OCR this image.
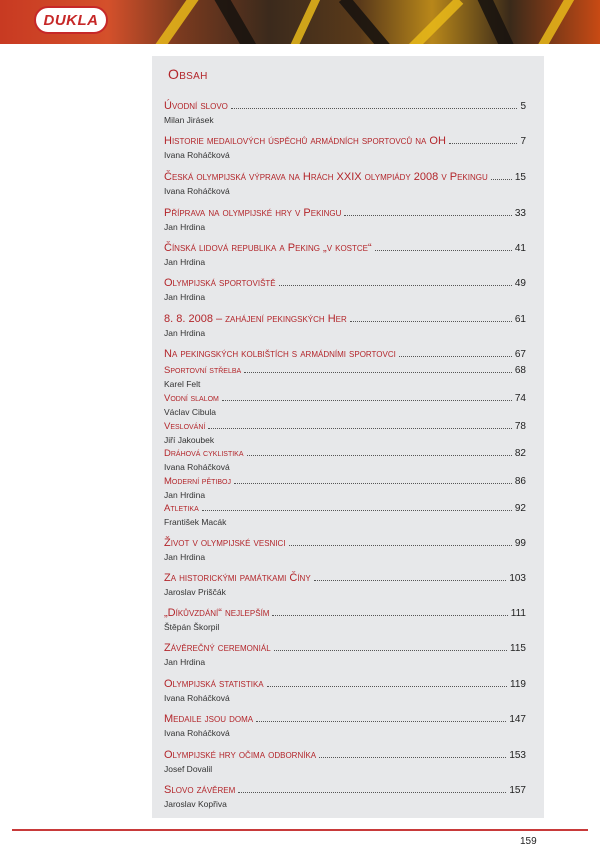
DUKLA
Obsah
Úvodní slovo	5
Milan Jirásek
Historie medailových úspěchů armádních sportovců na OH	7
Ivana Roháčková
Česká olympijská výprava na Hrách XXIX olympiády 2008 v Pekingu	15
Ivana Roháčková
Příprava na olympijské hry v Pekingu	33
Jan Hrdina
Čínská lidová republika a Peking „v kostce“	41
Jan Hrdina
Olympijská sportoviště	49
Jan Hrdina
8. 8. 2008 – zahájení pekingských Her	61
Jan Hrdina
Na pekingských kolbištích s armádními sportovci	67
Sportovní střelba	68
Karel Felt
Vodní slalom	74
Václav Cibula
Veslování	78
Jiří Jakoubek
Dráhová cyklistika	82
Ivana Roháčková
Moderní pětiboj	86
Jan Hrdina
Atletika	92
František Macák
Život v olympijské vesnici	99
Jan Hrdina
Za historickými památkami Číny	103
Jaroslav Priščák
„Díkůvzdání“ nejlepším	111
Štěpán Škorpil
Závěrečný ceremoniál	115
Jan Hrdina
Olympijská statistika	119
Ivana Roháčková
Medaile jsou doma	147
Ivana Roháčková
Olympijské hry očima odborníka	153
Josef Dovalil
Slovo závěrem	157
Jaroslav Kopřiva
159
